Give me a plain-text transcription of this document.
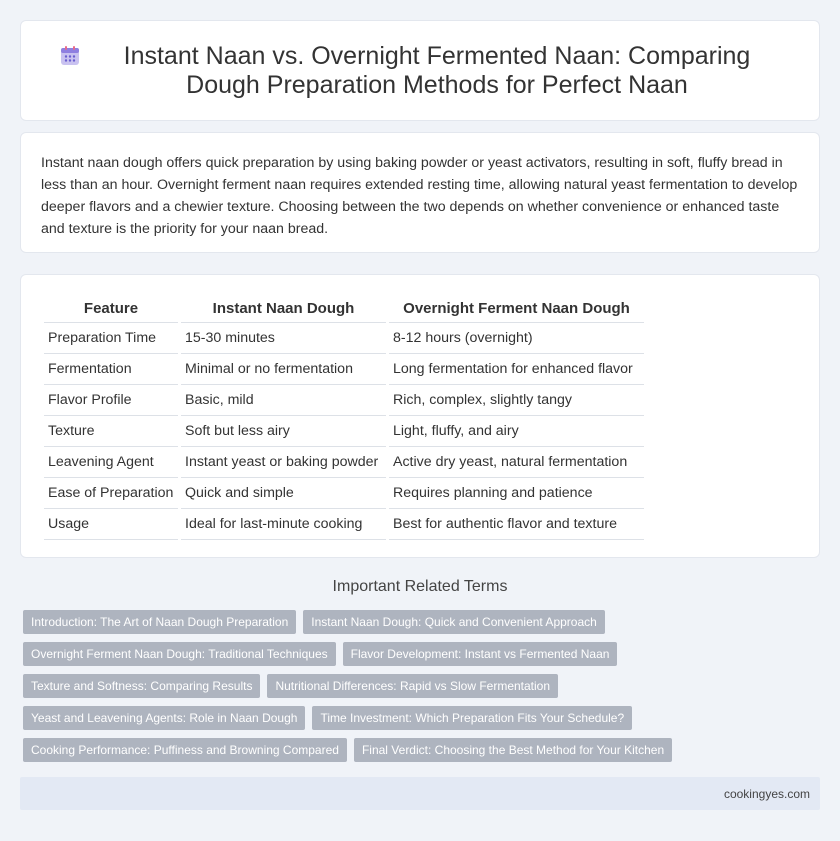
Instant Naan vs. Overnight Fermented Naan: Comparing Dough Preparation Methods for Perfect Naan

Instant naan dough offers quick preparation by using baking powder or yeast activators, resulting in soft, fluffy bread in less than an hour. Overnight ferment naan requires extended resting time, allowing natural yeast fermentation to develop deeper flavors and a chewier texture. Choosing between the two depends on whether convenience or enhanced taste and texture is the priority for your naan bread.

Feature	Instant Naan Dough	Overnight Ferment Naan Dough
Preparation Time	15-30 minutes	8-12 hours (overnight)
Fermentation	Minimal or no fermentation	Long fermentation for enhanced flavor
Flavor Profile	Basic, mild	Rich, complex, slightly tangy
Texture	Soft but less airy	Light, fluffy, and airy
Leavening Agent	Instant yeast or baking powder	Active dry yeast, natural fermentation
Ease of Preparation	Quick and simple	Requires planning and patience
Usage	Ideal for last-minute cooking	Best for authentic flavor and texture
Important Related Terms
Introduction: The Art of Naan Dough Preparation	Instant Naan Dough: Quick and Convenient Approach
Overnight Ferment Naan Dough: Traditional Techniques	Flavor Development: Instant vs Fermented Naan
Texture and Softness: Comparing Results	Nutritional Differences: Rapid vs Slow Fermentation
Yeast and Leavening Agents: Role in Naan Dough	Time Investment: Which Preparation Fits Your Schedule?
Cooking Performance: Puffiness and Browning Compared	Final Verdict: Choosing the Best Method for Your Kitchen
cookingyes.com
